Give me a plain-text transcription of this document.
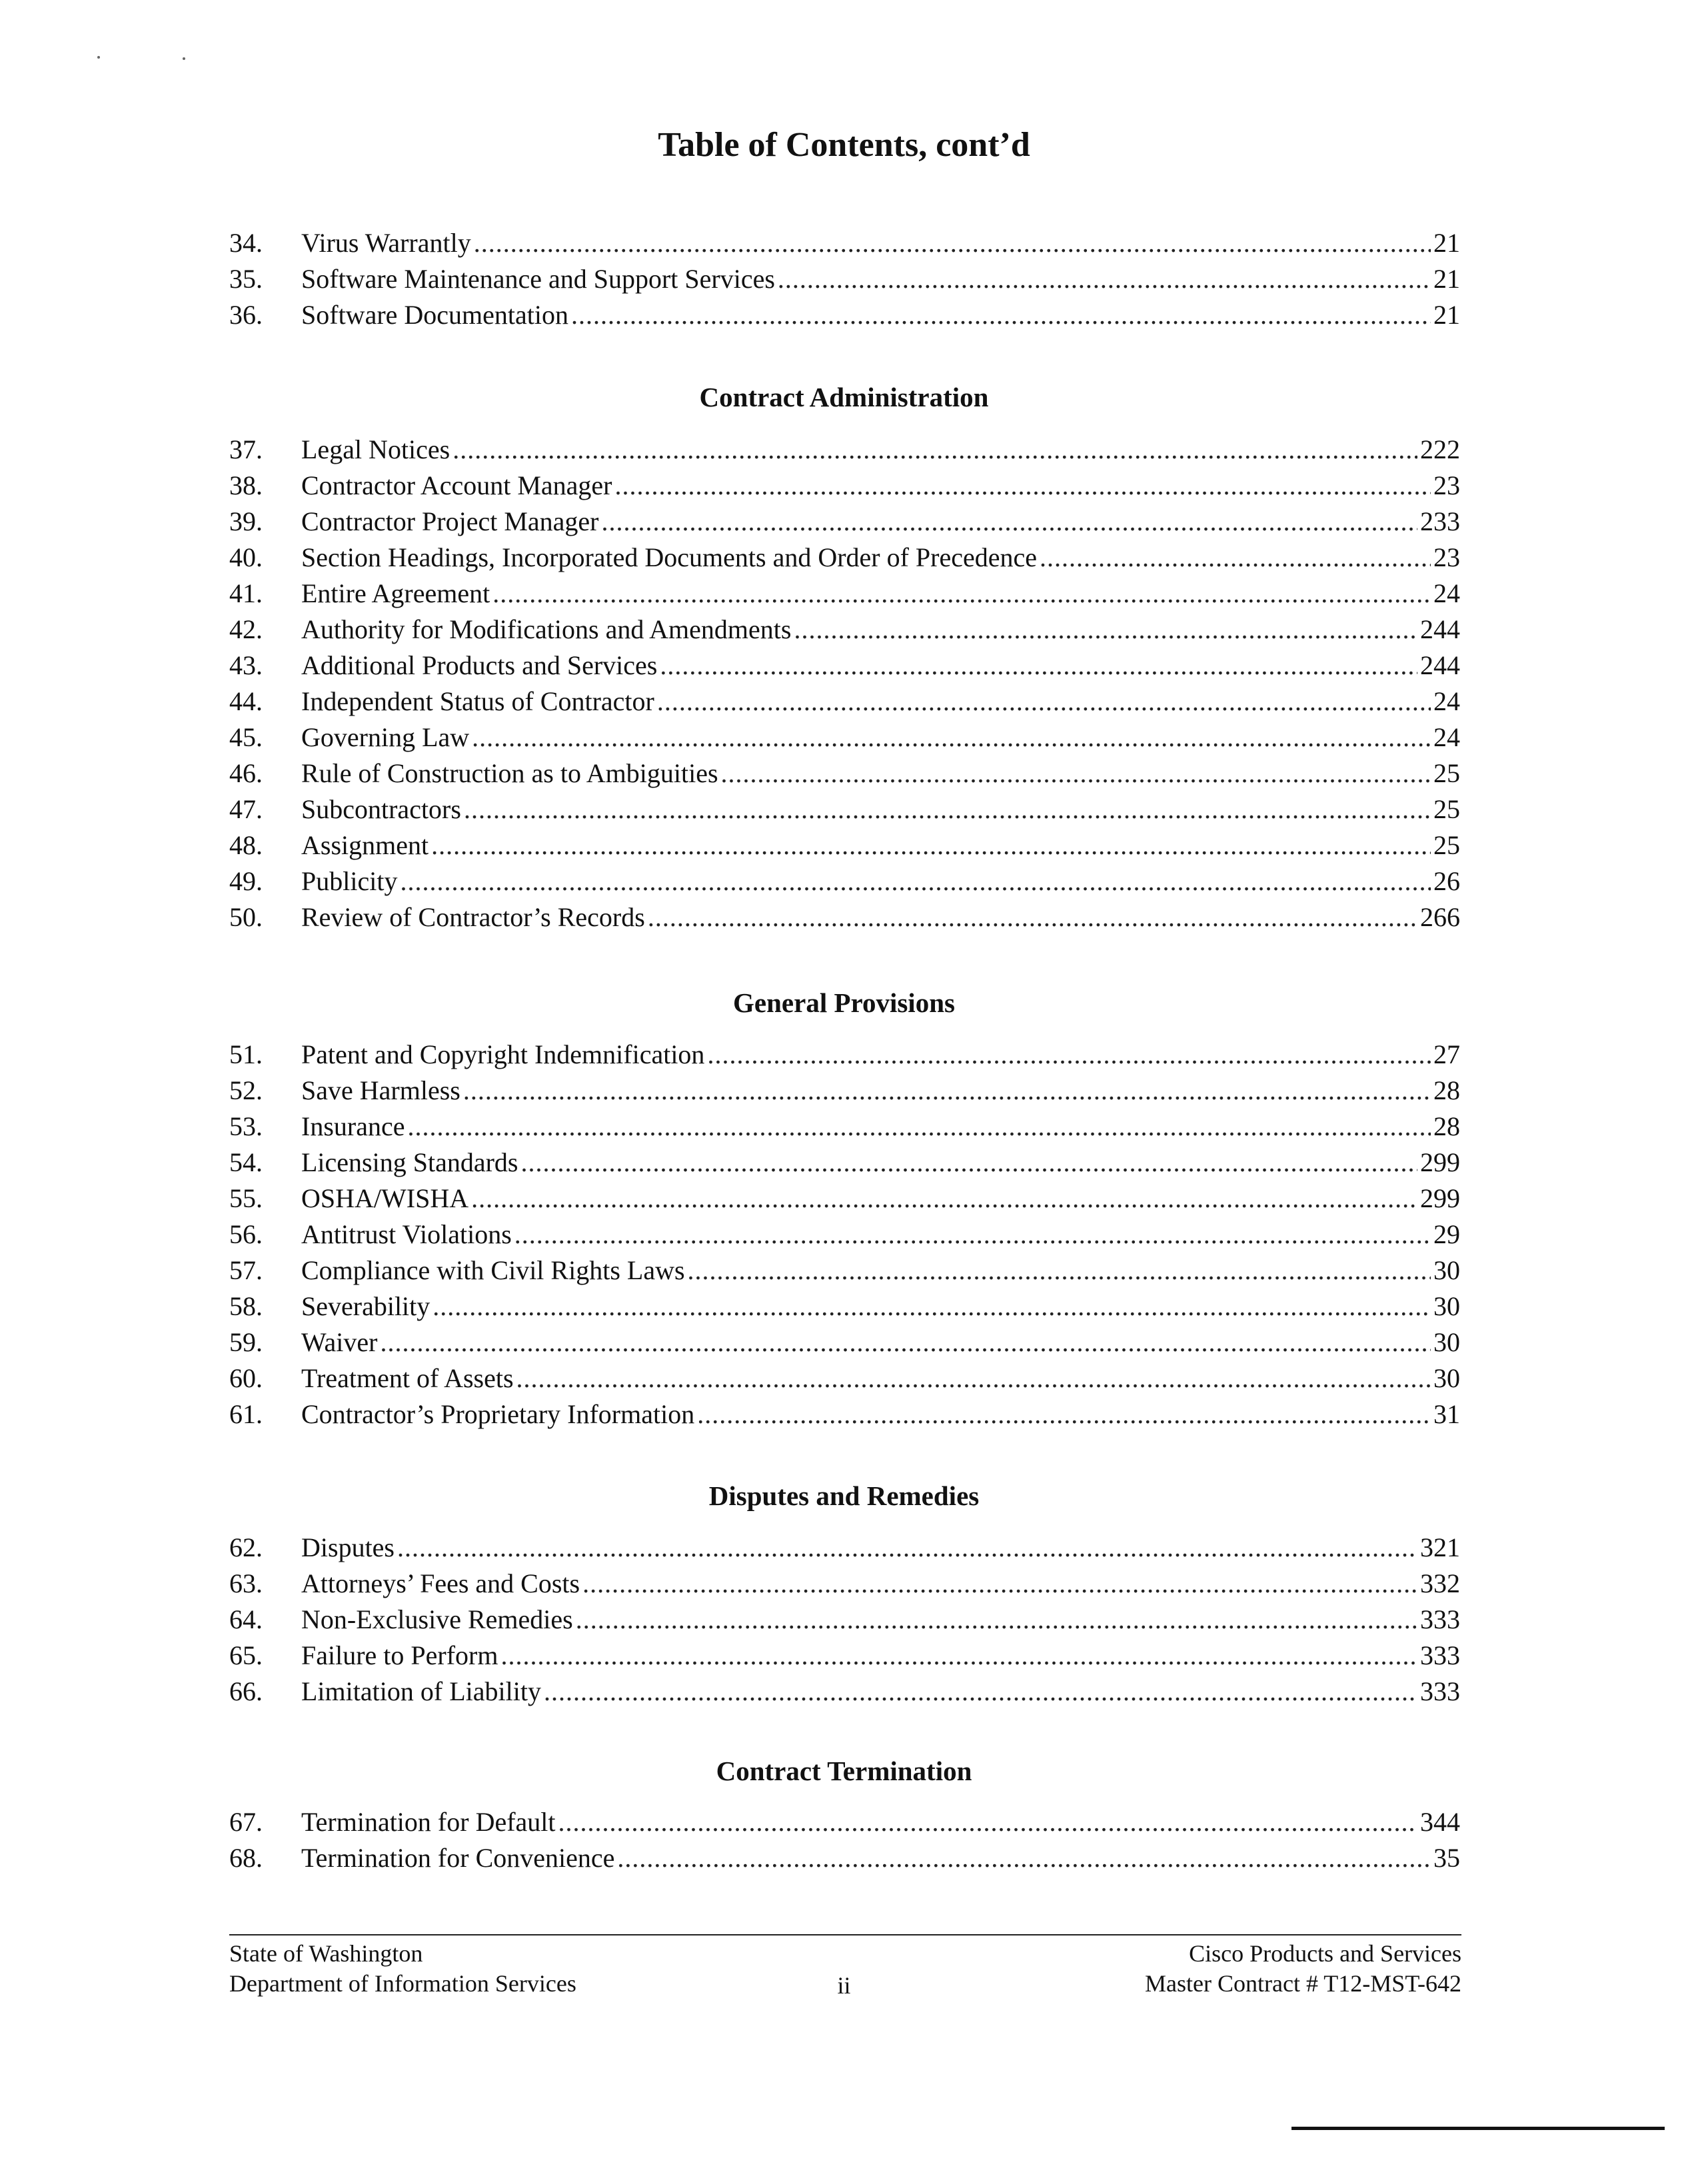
Table of Contents, cont’d
34. Virus Warrantly .....	21
35. Software Maintenance and Support Services .....	21
36. Software Documentation .....	21
Contract Administration
37. Legal Notices .....	222
38. Contractor Account Manager .....	23
39. Contractor Project Manager .....	233
40. Section Headings, Incorporated Documents and Order of Precedence .....	23
41. Entire Agreement .....	24
42. Authority for Modifications and Amendments .....	244
43. Additional Products and Services .....	244
44. Independent Status of Contractor .....	24
45. Governing Law .....	24
46. Rule of Construction as to Ambiguities .....	25
47. Subcontractors .....	25
48. Assignment .....	25
49. Publicity .....	26
50. Review of Contractor’s Records .....	266
General Provisions
51. Patent and Copyright Indemnification .....	27
52. Save Harmless .....	28
53. Insurance .....	28
54. Licensing Standards .....	299
55. OSHA/WISHA .....	299
56. Antitrust Violations .....	29
57. Compliance with Civil Rights Laws .....	30
58. Severability .....	30
59. Waiver .....	30
60. Treatment of Assets .....	30
61. Contractor’s Proprietary Information .....	31
Disputes and Remedies
62. Disputes .....	321
63. Attorneys’ Fees and Costs .....	332
64. Non-Exclusive Remedies .....	333
65. Failure to Perform .....	333
66. Limitation of Liability .....	333
Contract Termination
67. Termination for Default .....	344
68. Termination for Convenience .....	35
State of Washington
Department of Information Services	ii
Cisco Products and Services
Master Contract # T12-MST-642
